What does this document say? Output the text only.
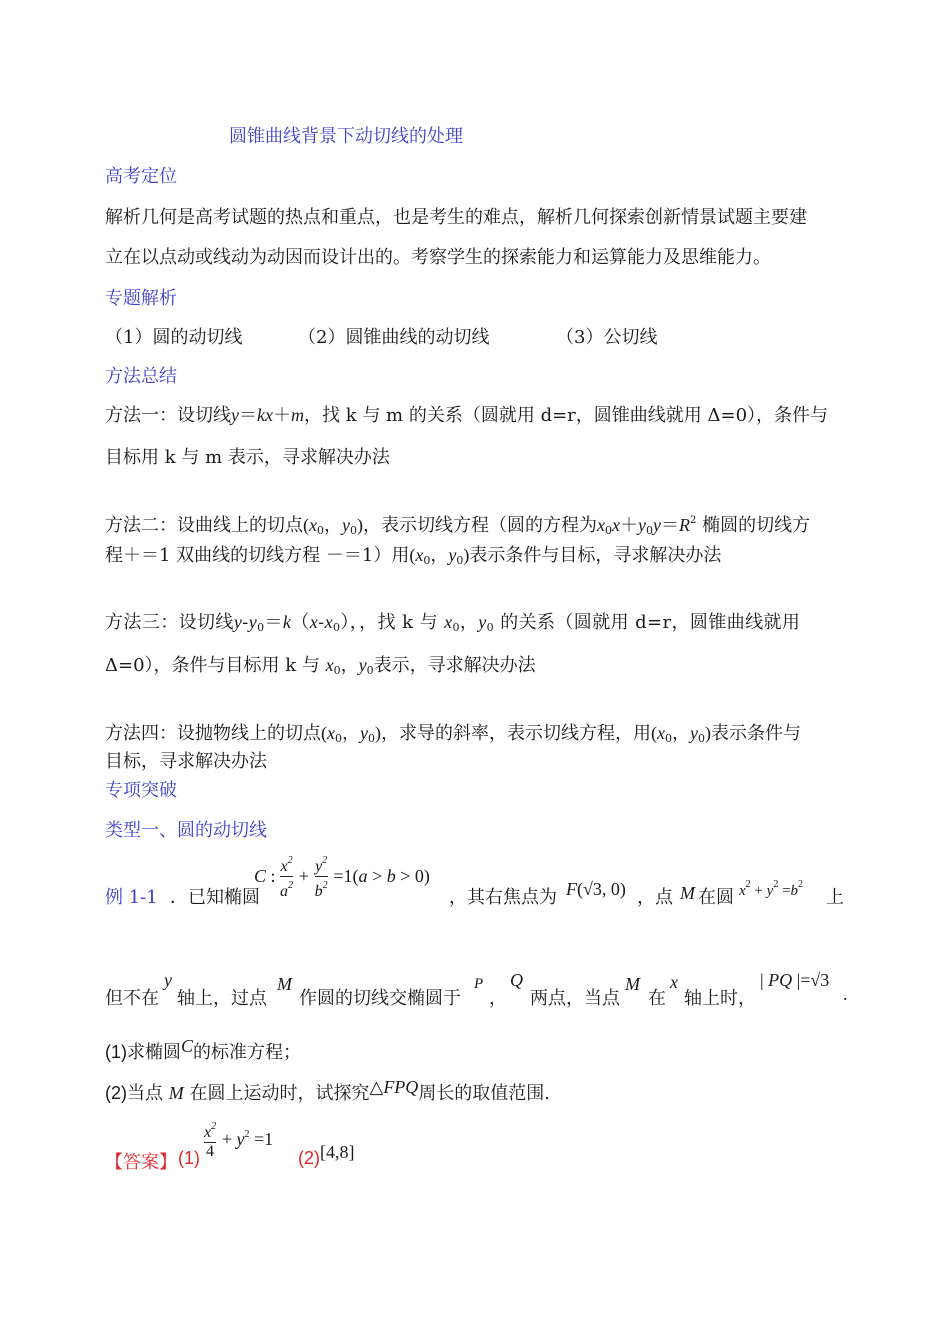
圆锥曲线背景下动切线的处理
高考定位
解析几何是高考试题的热点和重点，也是考生的难点，解析几何探索创新情景试题主要建
立在以点动或线动为动因而设计出的。考察学生的探索能力和运算能力及思维能力。
专题解析
（1）圆的动切线	（2）圆锥曲线的动切线	（3）公切线
方法总结
方法一：设切线y＝kx＋m，找 k 与 m 的关系（圆就用 d=r，圆锥曲线就用 Δ=0），条件与
目标用 k 与 m 表示，寻求解决办法
方法二：设曲线上的切点($x_0$，$y_0$)，表示切线方程（圆的方程为$x_0x+y_0y=R^2$ 椭圆的切线方
程＋＝1 双曲线的切线方程 －＝1）用($x_0$，$y_0$)表示条件与目标，寻求解决办法
方法三：设切线$y-y_0=k(x-x_0)$，，找 k 与 $x_0$，$y_0$ 的关系（圆就用 d=r，圆锥曲线就用
Δ=0），条件与目标用 k 与 $x_0$，$y_0$表示，寻求解决办法
方法四：设抛物线上的切点($x_0$，$y_0$)，求导的斜率，表示切线方程，用($x_0$，$y_0$)表示条件与
目标，寻求解决办法
专项突破
类型一、圆的动切线
例 1-1 ．已知椭圆
C : $\frac{x^2}{a^2} + \frac{y^2}{b^2} =1(a > b > 0)$
，其右焦点为 F(√3, 0) ，点 M 在圆 $x^2 + y^2 =b^2$
上
但不在
y
轴上，过点
M
作圆的切线交椭圆于
P
，
Q
两点，当点
M
在
x
轴上时，
| PQ |=√3
.
(1)求椭圆C的标准方程；
(2)当点 M 在圆上运动时，试探究△FPQ周长的取值范围.
【答案】 $(1) \frac{x^2}{4} + y^2 =1$
(2) [4,8]
